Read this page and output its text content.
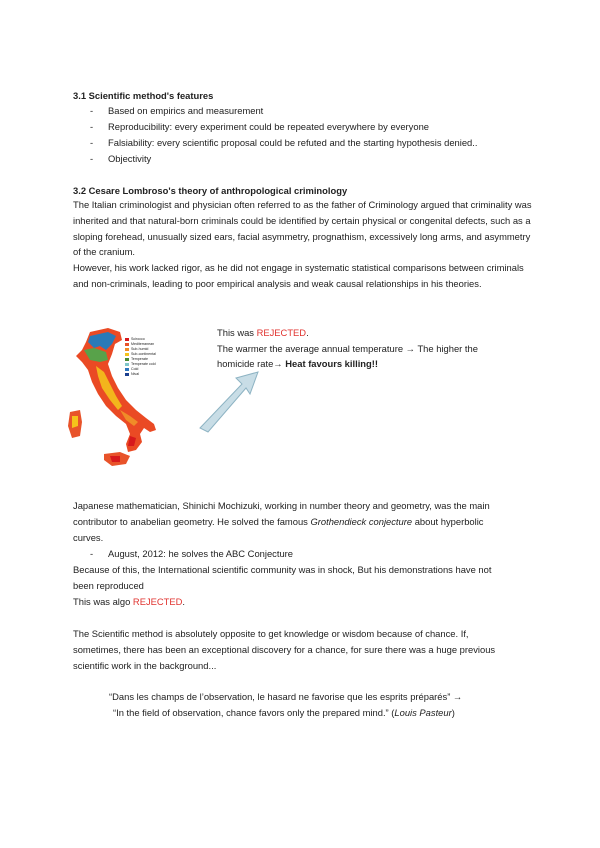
3.1 Scientific method's features
- Based on empirics and measurement
- Reproducibility: every experiment could be repeated everywhere by everyone
- Falsiability: every scientific proposal could be refuted and the starting hypothesis denied..
- Objectivity
3.2 Cesare Lombroso's theory of anthropological criminology
The Italian criminologist and physician often referred to as the father of Criminology argued that criminality was inherited and that natural-born criminals could be identified by certain physical or congenital defects, such as a sloping forehead, unusually sized ears, facial asymmetry, prognathism, excessively long arms, and asymmetry of the cranium.
However, his work lacked rigor, as he did not engage in systematic statistical comparisons between criminals and non-criminals, leading to poor empirical analysis and weak causal relationships in his theories.
Scirocco
Mediterranean
Sub-humid
Sub-continental
Temperate
Temperate cold
Cold
Nival
This was REJECTED.
The warmer the average annual temperature → The higher the
homicide rate→ Heat favours killing!!
Japanese mathematician, Shinichi Mochizuki, working in number theory and geometry, was the main
contributor to anabelian geometry. He solved the famous Grothendieck conjecture about hyperbolic
curves.
- August, 2012: he solves the ABC Conjecture
Because of this, the International scientific community was in shock, But his demonstrations have not
been reproduced
This was algo REJECTED.
The Scientific method is absolutely opposite to get knowledge or wisdom because of chance. If,
sometimes, there has been an exceptional discovery for a chance, for sure there was a huge previous
scientific work in the background...
“Dans les champs de l’observation, le hasard ne favorise que les esprits préparés” →
“In the field of observation, chance favors only the prepared mind.” (Louis Pasteur)
